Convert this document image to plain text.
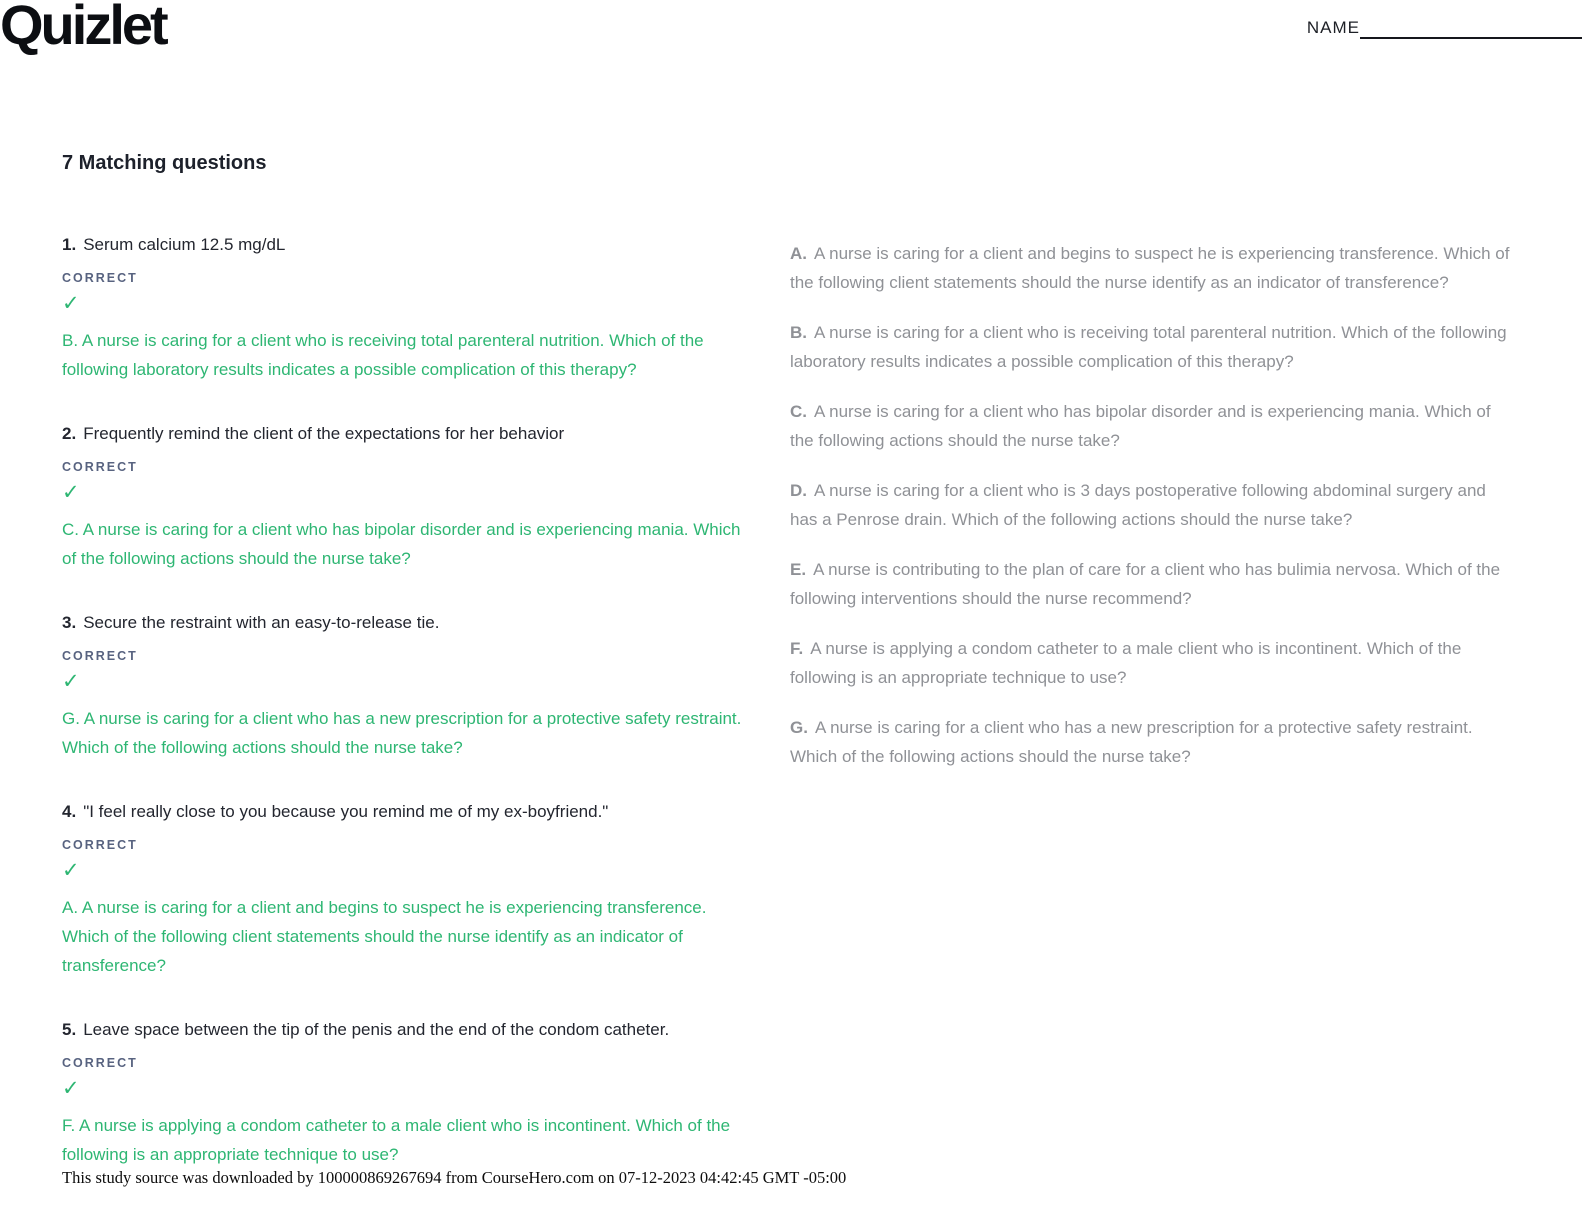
Quizlet	NAME
7 Matching questions

1. Serum calcium 12.5 mg/dL

CORRECT
✓

B. A nurse is caring for a client who is receiving total parenteral nutrition. Which of the following laboratory results indicates a possible complication of this therapy?

2. Frequently remind the client of the expectations for her behavior

CORRECT
✓

C. A nurse is caring for a client who has bipolar disorder and is experiencing mania. Which of the following actions should the nurse take?

3. Secure the restraint with an easy-to-release tie.

CORRECT
✓

G. A nurse is caring for a client who has a new prescription for a protective safety restraint. Which of the following actions should the nurse take?

4. "I feel really close to you because you remind me of my ex-boyfriend."

CORRECT
✓

A. A nurse is caring for a client and begins to suspect he is experiencing transference. Which of the following client statements should the nurse identify as an indicator of transference?

5. Leave space between the tip of the penis and the end of the condom catheter.

CORRECT
✓

F. A nurse is applying a condom catheter to a male client who is incontinent. Which of the following is an appropriate technique to use?

A. A nurse is caring for a client and begins to suspect he is experiencing transference. Which of the following client statements should the nurse identify as an indicator of transference?

B. A nurse is caring for a client who is receiving total parenteral nutrition. Which of the following laboratory results indicates a possible complication of this therapy?

C. A nurse is caring for a client who has bipolar disorder and is experiencing mania. Which of the following actions should the nurse take?

D. A nurse is caring for a client who is 3 days postoperative following abdominal surgery and has a Penrose drain. Which of the following actions should the nurse take?

E. A nurse is contributing to the plan of care for a client who has bulimia nervosa. Which of the following interventions should the nurse recommend?

F. A nurse is applying a condom catheter to a male client who is incontinent. Which of the following is an appropriate technique to use?

G. A nurse is caring for a client who has a new prescription for a protective safety restraint. Which of the following actions should the nurse take?

This study source was downloaded by 100000869267694 from CourseHero.com on 07-12-2023 04:42:45 GMT -05:00
